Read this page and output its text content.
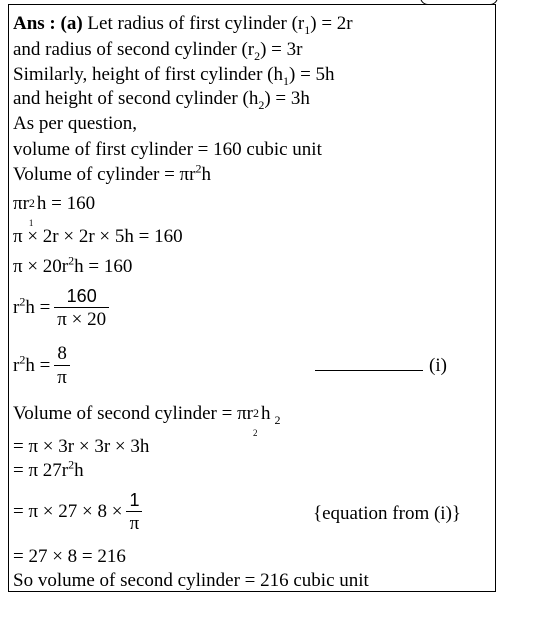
Ans : (a) Let radius of first cylinder $(r_1) = 2r$
and radius of second cylinder $(r_2) = 3r$
Similarly, height of first cylinder $(h_1) = 5h$
and height of second cylinder $(h_2) = 3h$
As per question,
volume of first cylinder = 160 cubic unit
Volume of cylinder = $\pi r^2h$
πr 2
1
h = 160
π × 2r × 2r × 5h = 160
$\pi \times 20r^2h = 160$
$r^2h = \frac{160}{\pi \times 20}$
$r^2h = \frac{8}{\pi}$	(i)
Volume of second cylinder = πr 2
2
h $_2$
= π × 3r × 3r × 3h
= π $27r^2h$
= $\pi \times 27 \times 8 \times \frac{1}{\pi}$	{equation from (i)}
= 27 × 8 = 216
So volume of second cylinder = 216 cubic unit
